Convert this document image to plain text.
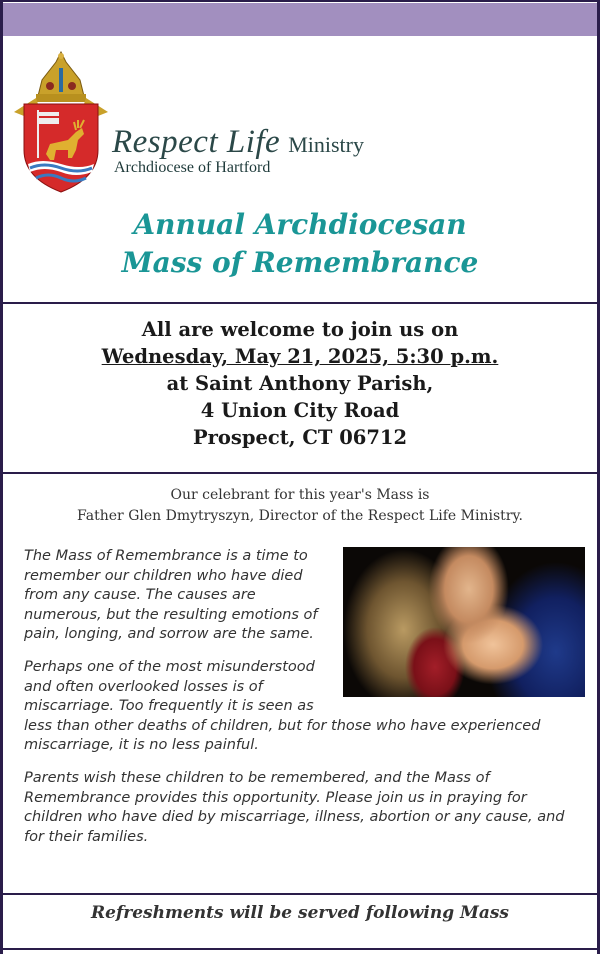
Respect Life Ministry
Archdiocese of Hartford
Annual Archdiocesan
Mass of Remembrance
All are welcome to join us on
Wednesday, May 21, 2025, 5:30 p.m.
at Saint Anthony Parish,
4 Union City Road
Prospect, CT 06712
Our celebrant for this year's Mass is
Father Glen Dmytryszyn, Director of the Respect Life Ministry.

The Mass of Remembrance is a time to remember our children who have died from any cause. The causes are numerous, but the resulting emotions of pain, longing, and sorrow are the same.

Perhaps one of the most misunderstood and often overlooked losses is of miscarriage. Too frequently it is seen as less than other deaths of children, but for those who have experienced miscarriage, it is no less painful.

Parents wish these children to be remembered, and the Mass of Remembrance provides this opportunity. Please join us in praying for children who have died by miscarriage, illness, abortion or any cause, and for their families.

Refreshments will be served following Mass
